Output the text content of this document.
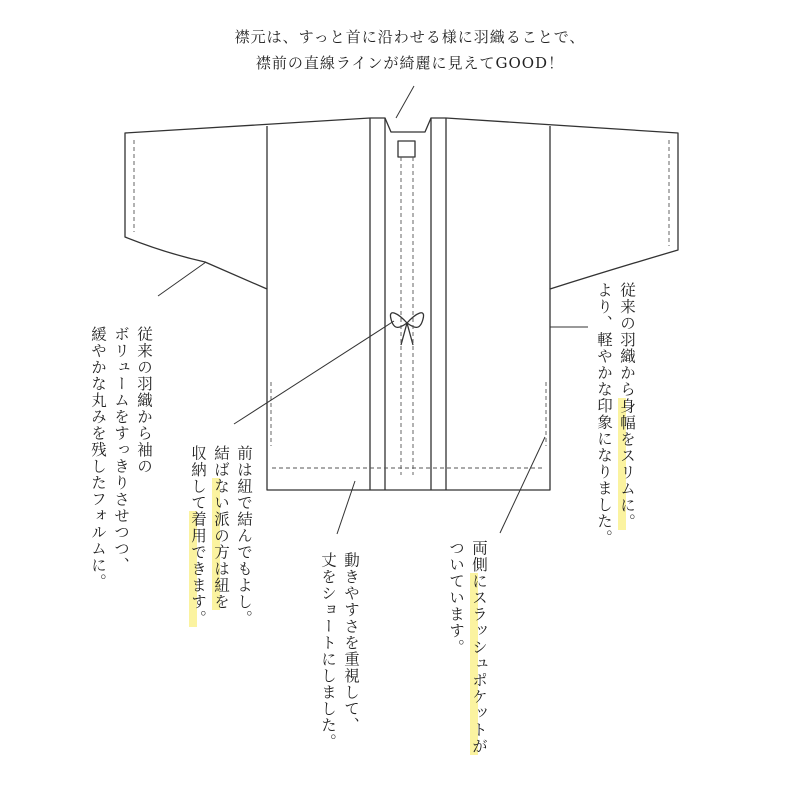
襟元は、すっと首に沿わせる様に羽織ることで、
襟前の直線ラインが綺麗に見えてGOOD！
従来の羽織から袖の
ボリュームをすっきりさせつつ、
緩やかな丸みを残したフォルムに。	前は紐で結んでもよし。
結ばない派の方は紐を
収納して着用できます。	動きやすさを重視して、
丈をショートにしました。	両側にスラッシュポケットが
ついています。
従来の羽織から身幅をスリムに。
より、軽やかな印象になりました。
